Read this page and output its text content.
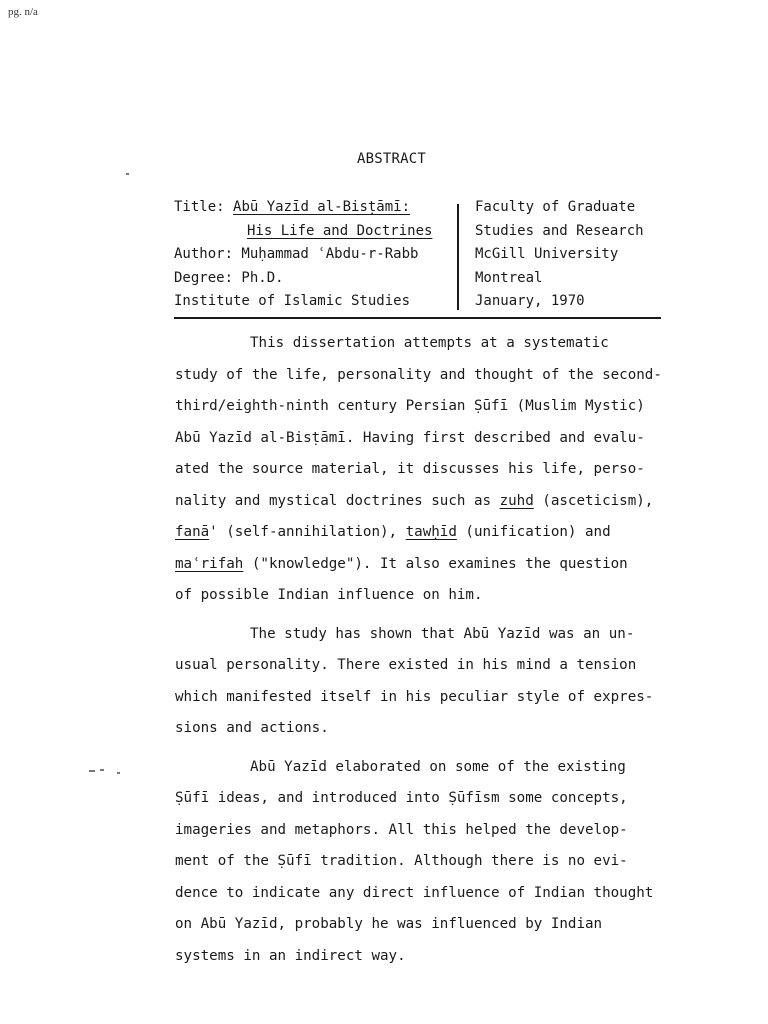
pg. n/a
ABSTRACT
Title: Abū Yazīd al-Bisṭāmī:
His Life and Doctrines
Author: Muḥammad ʿAbdu-r-Rabb
Degree: Ph.D.
Institute of Islamic Studies
Faculty of Graduate
Studies and Research
McGill University
Montreal
January, 1970
This dissertation attempts at a systematic
study of the life, personality and thought of the second-
third/eighth-ninth century Persian Ṣūfī (Muslim Mystic)
Abū Yazīd al-Bisṭāmī. Having first described and evalu-
ated the source material, it discusses his life, perso-
nality and mystical doctrines such as zuhd (asceticism),
fanā' (self-annihilation), tawḥīd (unification) and
maʿrifah ("knowledge"). It also examines the question
of possible Indian influence on him.
The study has shown that Abū Yazīd was an un-
usual personality. There existed in his mind a tension
which manifested itself in his peculiar style of expres-
sions and actions.
Abū Yazīd elaborated on some of the existing
Ṣūfī ideas, and introduced into Ṣūfīsm some concepts,
imageries and metaphors. All this helped the develop-
ment of the Ṣūfī tradition. Although there is no evi-
dence to indicate any direct influence of Indian thought
on Abū Yazīd, probably he was influenced by Indian
systems in an indirect way.
